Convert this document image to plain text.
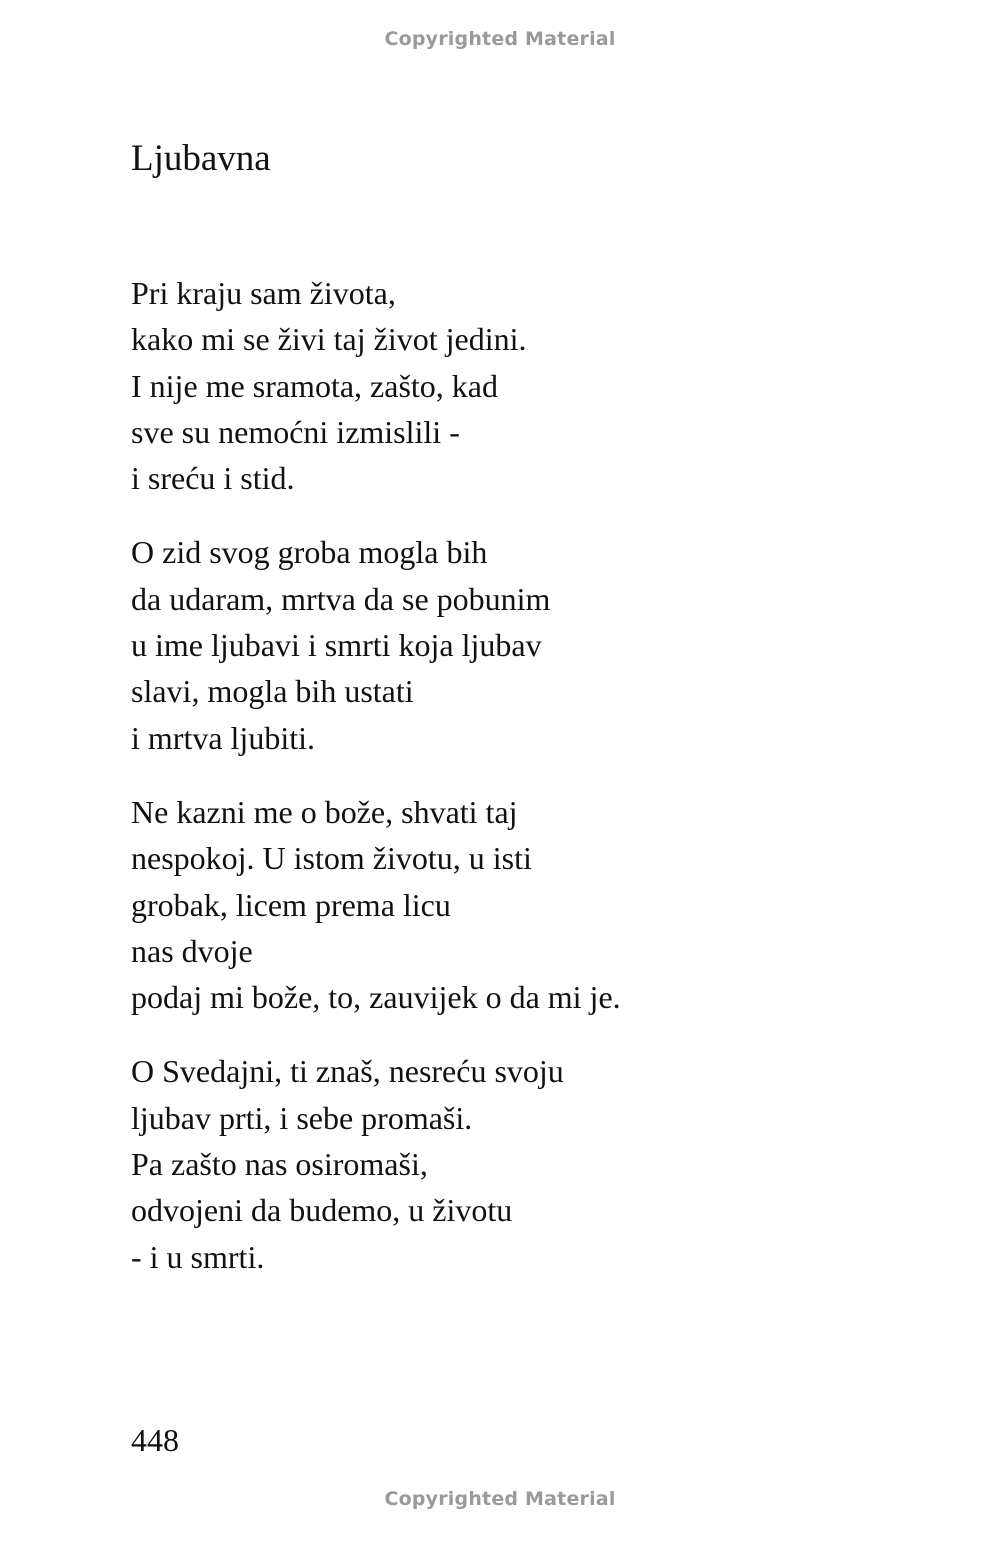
Copyrighted Material
Ljubavna
Pri kraju sam života,
kako mi se živi taj život jedini.
I nije me sramota, zašto, kad
sve su nemoćni izmislili -
i sreću i stid.
O zid svog groba mogla bih
da udaram, mrtva da se pobunim
u ime ljubavi i smrti koja ljubav
slavi, mogla bih ustati
i mrtva ljubiti.
Ne kazni me o bože, shvati taj
nespokoj. U istom životu, u isti
grobak, licem prema licu
nas dvoje
podaj mi bože, to, zauvijek o da mi je.
O Svedajni, ti znaš, nesreću svoju
ljubav prti, i sebe promaši.
Pa zašto nas osiromaši,
odvojeni da budemo, u životu
- i u smrti.
448
Copyrighted Material
